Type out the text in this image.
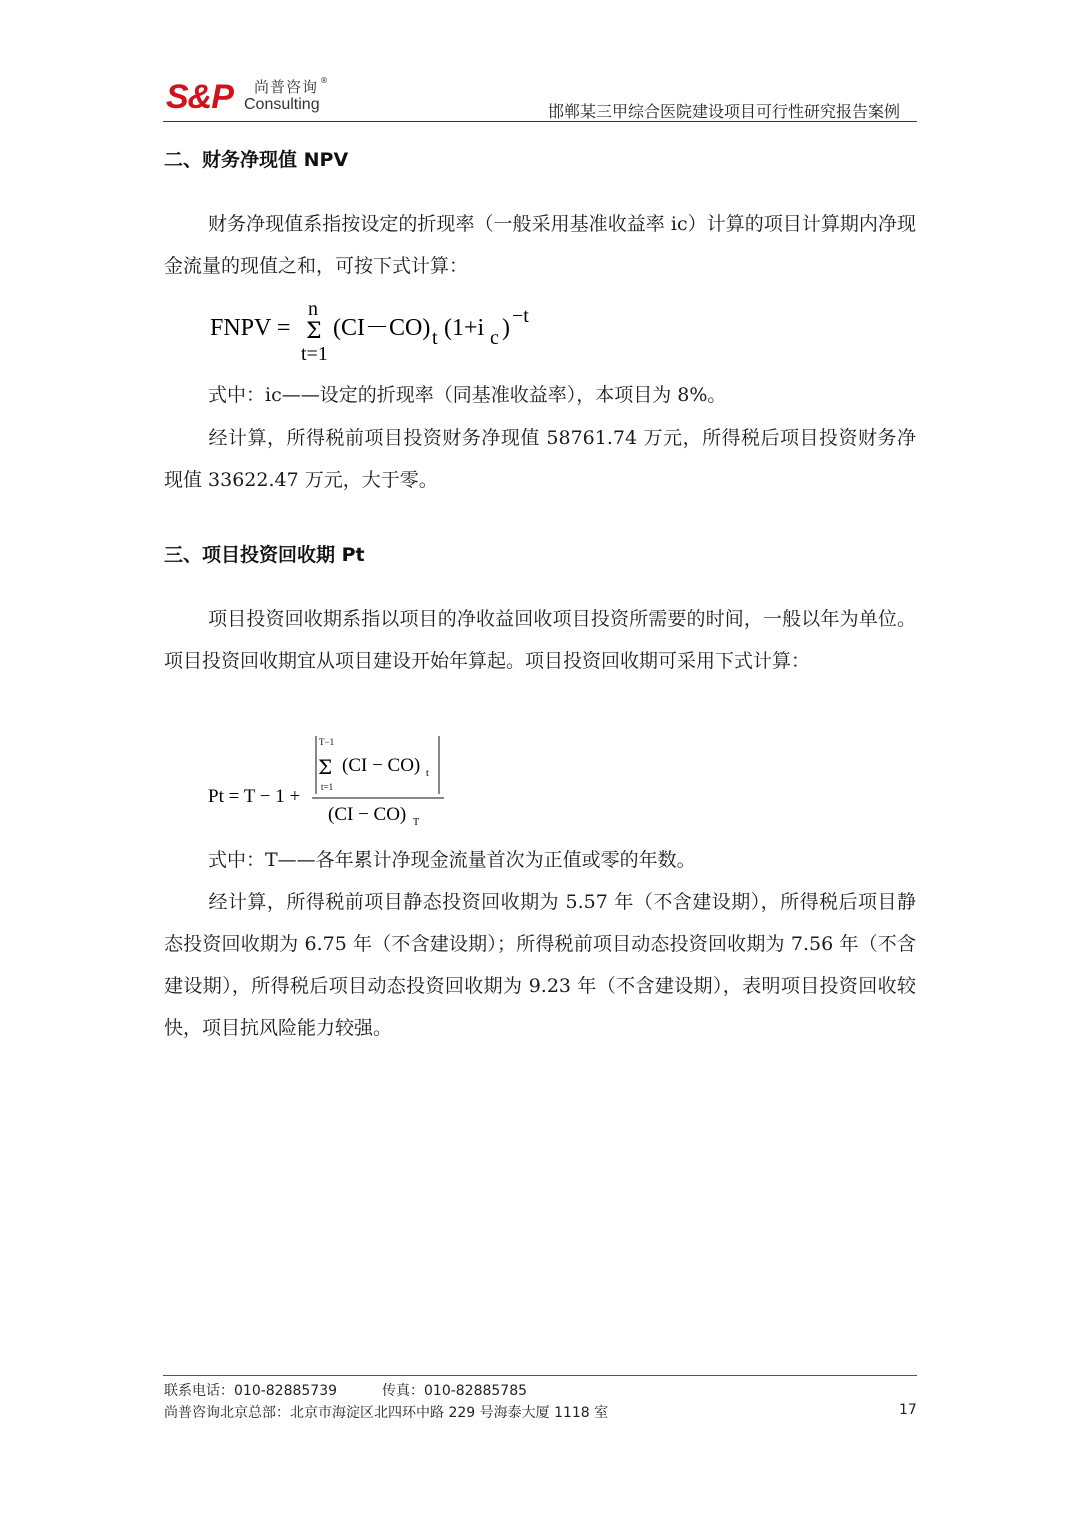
S&P 尚普咨询 ®
Consulting	邯郸某三甲综合医院建设项目可行性研究报告案例
二、财务净现值 NPV

财务净现值系指按设定的折现率（一般采用基准收益率 ic）计算的项目计算期内净现金流量的现值之和，可按下式计算：

FNPV =
n
Σ
t=1
(CI－CO) t (1+i c ) −t

式中：ic——设定的折现率（同基准收益率），本项目为 8%。

经计算，所得税前项目投资财务净现值 58761.74 万元，所得税后项目投资财务净现值 33622.47 万元，大于零。

三、项目投资回收期 Pt

项目投资回收期系指以项目的净收益回收项目投资所需要的时间，一般以年为单位。项目投资回收期宜从项目建设开始年算起。项目投资回收期可采用下式计算：

Pt = T − 1 +
T−1
Σ
t=1
(CI − CO) t
(CI − CO) T

式中：T——各年累计净现金流量首次为正值或零的年数。

经计算，所得税前项目静态投资回收期为 5.57 年（不含建设期），所得税后项目静态投资回收期为 6.75 年（不含建设期）；所得税前项目动态投资回收期为 7.56 年（不含建设期），所得税后项目动态投资回收期为 9.23 年（不含建设期），表明项目投资回收较快，项目抗风险能力较强。

联系电话：010-82885739	传真：010-82885785
尚普咨询北京总部：北京市海淀区北四环中路 229 号海泰大厦 1118 室	17
